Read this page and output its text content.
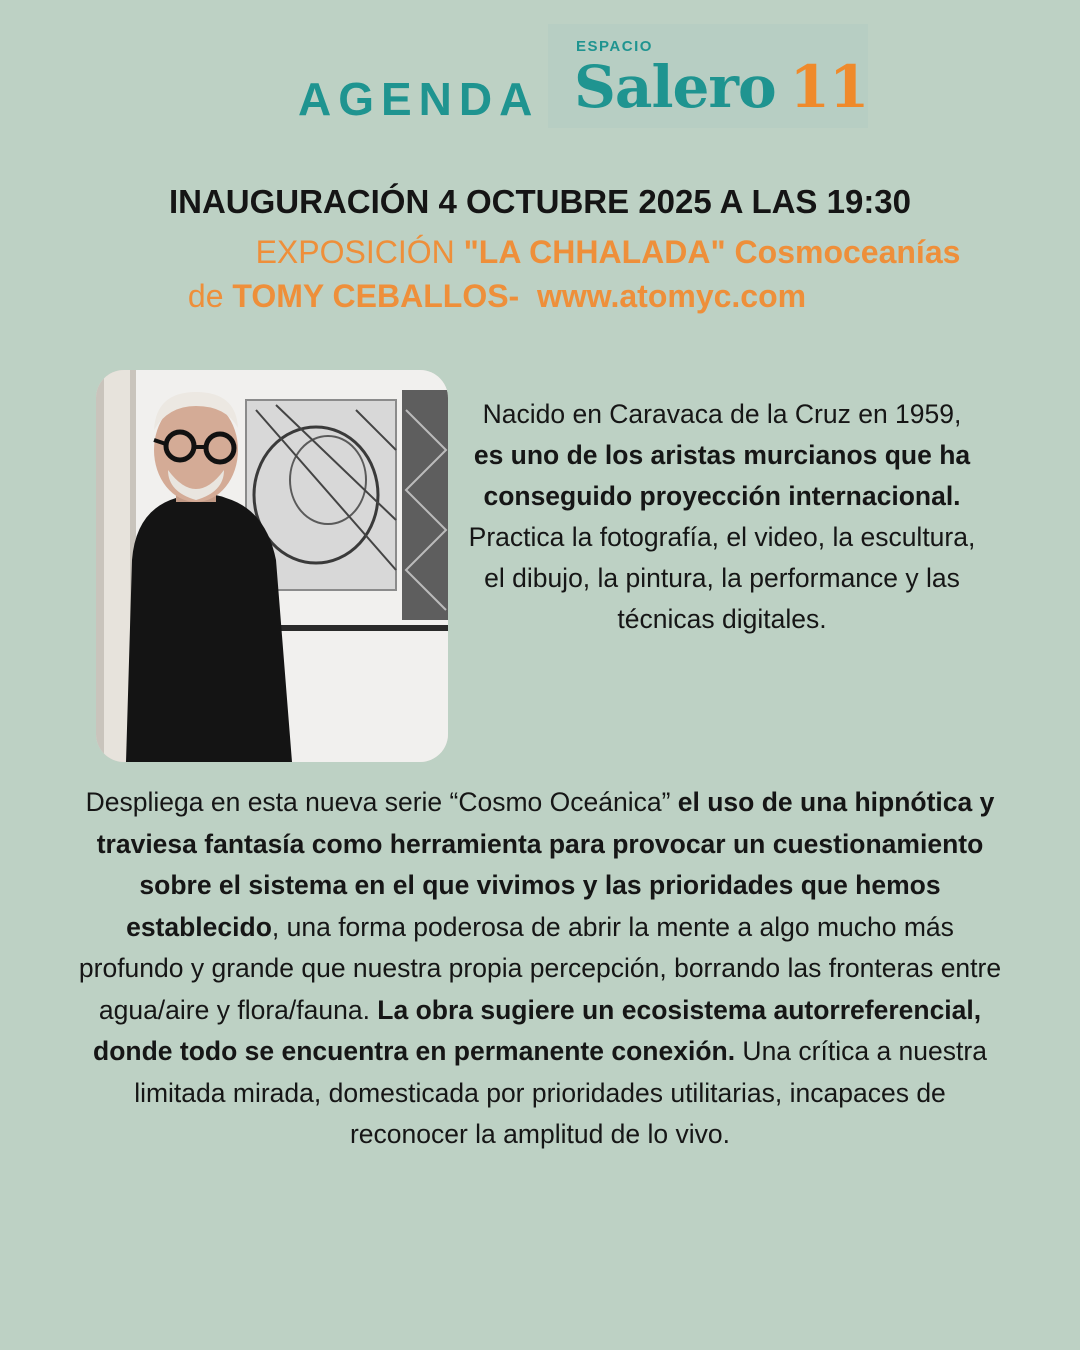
AGENDA
ESPACIO
Salero 11
INAUGURACIÓN 4 OCTUBRE 2025 A LAS 19:30
EXPOSICIÓN "LA CHHALADA" Cosmoceanías
de TOMY CEBALLOS- www.atomyc.com
Nacido en Caravaca de la Cruz en 1959, es uno de los aristas murcianos que ha conseguido proyección internacional. Practica la fotografía, el video, la escultura, el dibujo, la pintura, la performance y las técnicas digitales.
Despliega en esta nueva serie “Cosmo Oceánica” el uso de una hipnótica y traviesa fantasía como herramienta para provocar un cuestionamiento sobre el sistema en el que vivimos y las prioridades que hemos establecido, una forma poderosa de abrir la mente a algo mucho más profundo y grande que nuestra propia percepción, borrando las fronteras entre agua/aire y flora/fauna. La obra sugiere un ecosistema autorreferencial, donde todo se encuentra en permanente conexión. Una crítica a nuestra limitada mirada, domesticada por prioridades utilitarias, incapaces de reconocer la amplitud de lo vivo.
